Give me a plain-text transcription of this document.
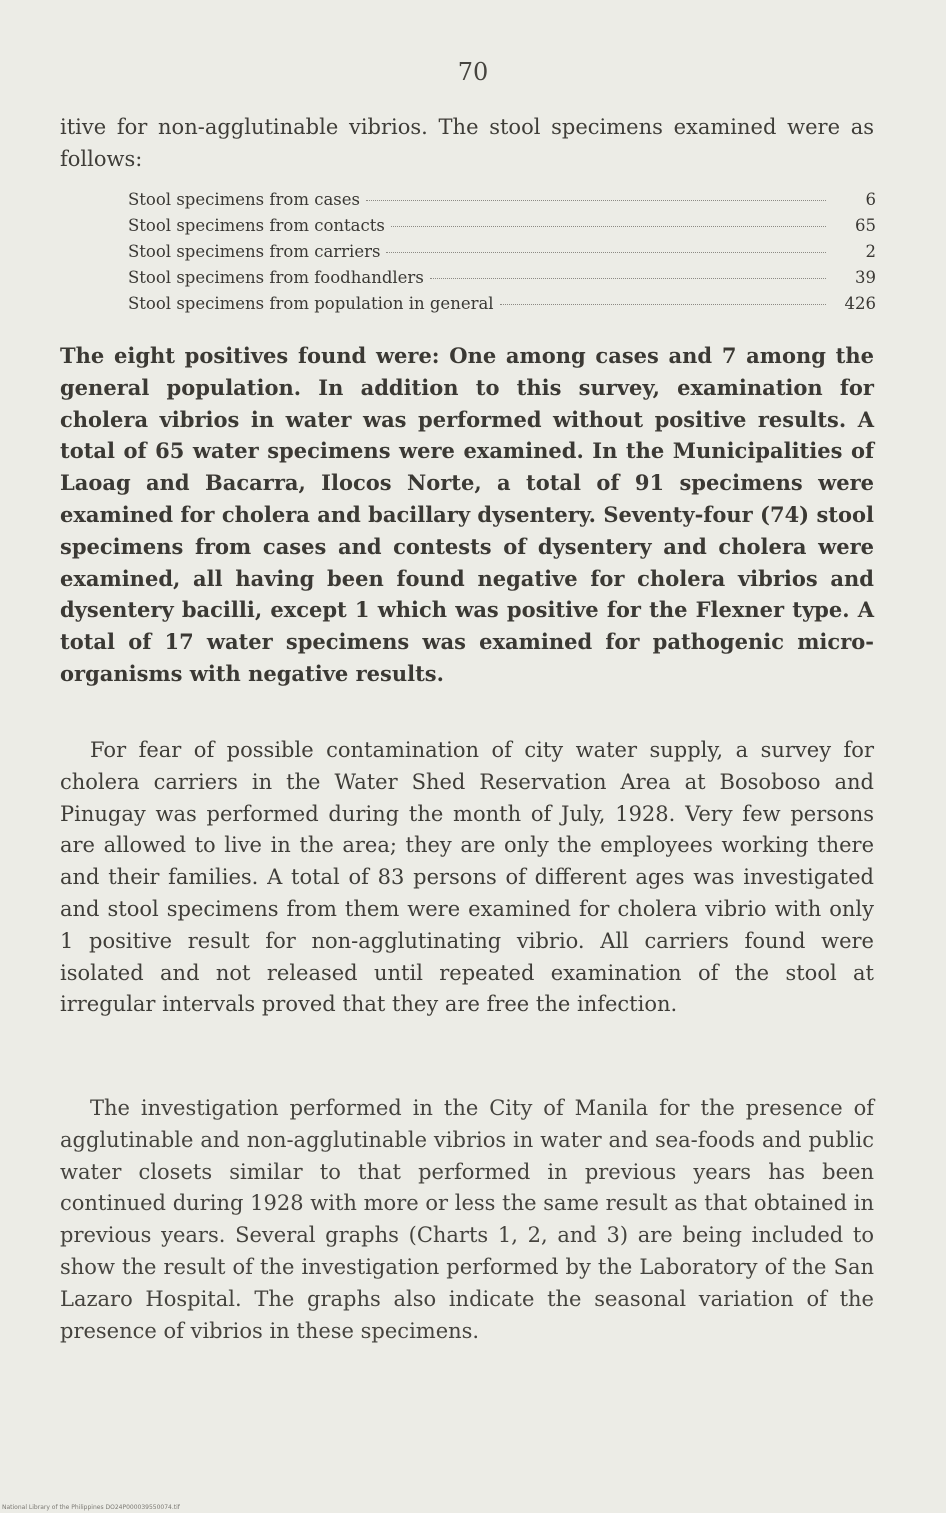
70
itive for non-agglutinable vibrios. The stool specimens examined were as follows:
Stool specimens from cases	6
Stool specimens from contacts	65
Stool specimens from carriers	2
Stool specimens from foodhandlers	39
Stool specimens from population in general	426
The eight positives found were: One among cases and 7 among the general population. In addition to this survey, examination for cholera vibrios in water was performed without positive results. A total of 65 water specimens were examined. In the Municipalities of Laoag and Bacarra, Ilocos Norte, a total of 91 specimens were examined for cholera and bacillary dysentery. Seventy-four (74) stool specimens from cases and contests of dysentery and cholera were examined, all having been found negative for cholera vibrios and dysentery bacilli, except 1 which was positive for the Flexner type. A total of 17 water specimens was examined for pathogenic micro-organisms with negative results.
For fear of possible contamination of city water supply, a survey for cholera carriers in the Water Shed Reservation Area at Bosoboso and Pinugay was performed during the month of July, 1928. Very few persons are allowed to live in the area; they are only the employees working there and their families. A total of 83 persons of different ages was investigated and stool specimens from them were examined for cholera vibrio with only 1 positive result for non-agglutinating vibrio. All carriers found were isolated and not released until repeated examination of the stool at irregular intervals proved that they are free the infection.
The investigation performed in the City of Manila for the presence of agglutinable and non-agglutinable vibrios in water and sea-foods and public water closets similar to that performed in previous years has been continued during 1928 with more or less the same result as that obtained in previous years. Several graphs (Charts 1, 2, and 3) are being included to show the result of the investigation performed by the Laboratory of the San Lazaro Hospital. The graphs also indicate the seasonal variation of the presence of vibrios in these specimens.
National Library of the Philippines DO24P000039550074.tif
